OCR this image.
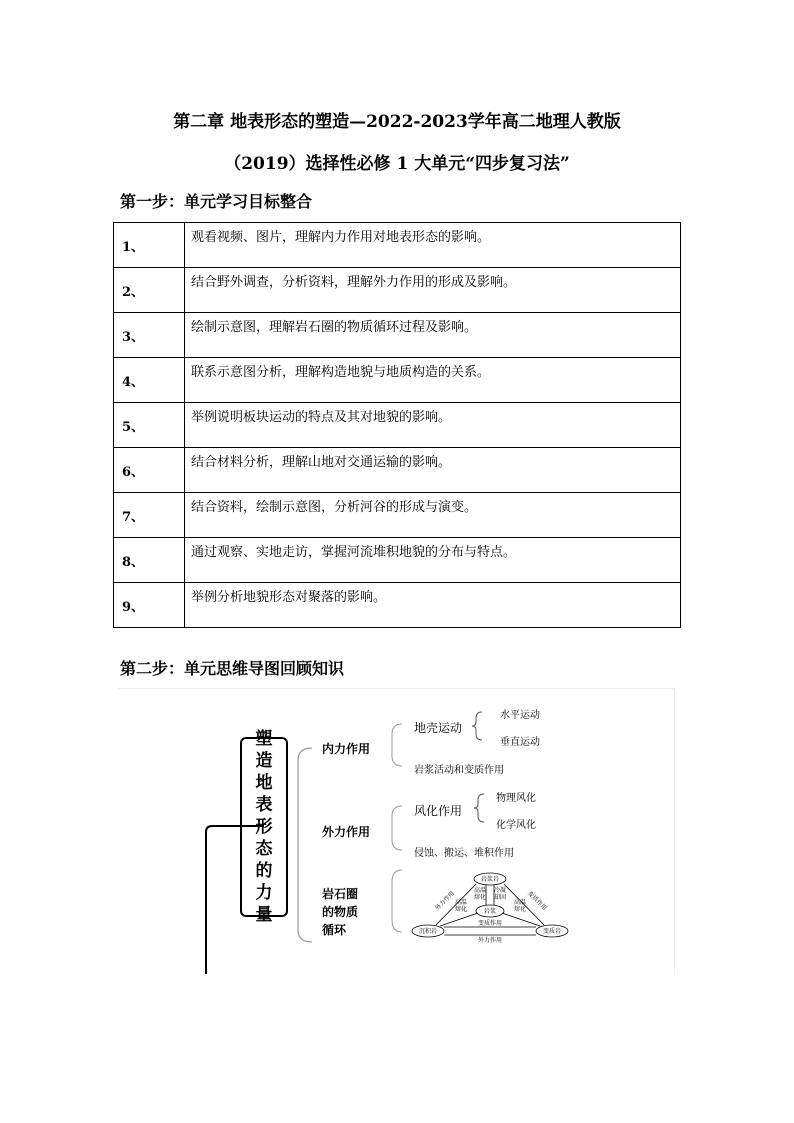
第二章 地表形态的塑造—2022-2023学年高二地理人教版
（2019）选择性必修 1 大单元“四步复习法”
第一步：单元学习目标整合
1、	观看视频、图片，理解内力作用对地表形态的影响。
2、	结合野外调查，分析资料，理解外力作用的形成及影响。
3、	绘制示意图，理解岩石圈的物质循环过程及影响。
4、	联系示意图分析，理解构造地貌与地质构造的关系。
5、	举例说明板块运动的特点及其对地貌的影响。
6、	结合材料分析，理解山地对交通运输的影响。
7、	结合资料，绘制示意图，分析河谷的形成与演变。
8、	通过观察、实地走访，掌握河流堆积地貌的分布与特点。
9、	举例分析地貌形态对聚落的影响。
第二步：单元思维导图回顾知识
岩浆岩
岩浆
沉积岩	变质岩
变质作用
外力作用
外力作用	变质作用
高温
熔化
冷凝
却固
高温
熔化
高温
熔化
塑
造
地
表
形
态
的
力
量
内力作用
地壳运动
水平运动
垂直运动
岩浆活动和变质作用
外力作用
风化作用
物理风化
化学风化
侵蚀、搬运、堆积作用
岩石圈
的物质
循环
